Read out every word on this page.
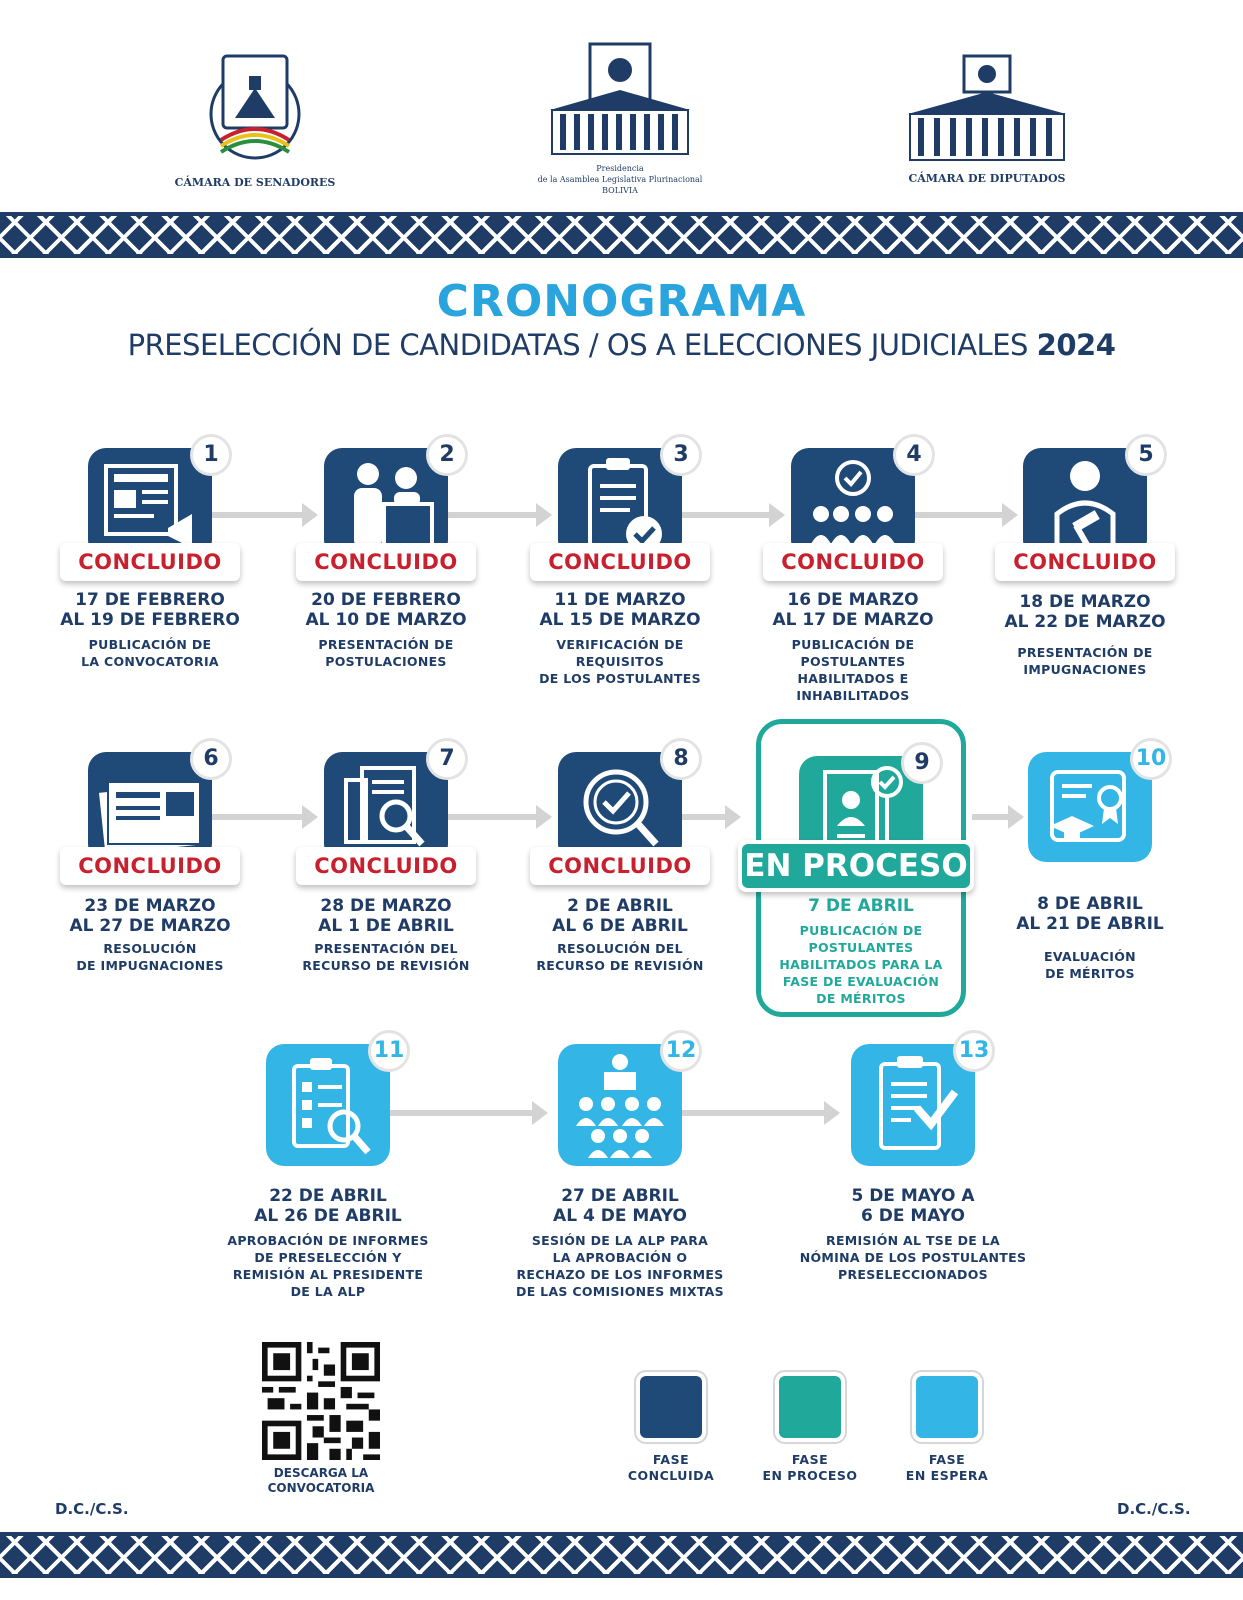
CÁMARA DE SENADORES
Presidencia
de la Asamblea Legislativa Plurinacional
BOLIVIA
CÁMARA DE DIPUTADOS
CRONOGRAMA
PRESELECCIÓN DE CANDIDATAS / OS A ELECCIONES JUDICIALES 2024
1
CONCLUIDO
17 DE FEBRERO
AL 19 DE FEBRERO
PUBLICACIÓN DE
LA CONVOCATORIA
2
CONCLUIDO
20 DE FEBRERO
AL 10 DE MARZO
PRESENTACIÓN DE
POSTULACIONES
3
CONCLUIDO
11 DE MARZO
AL 15 DE MARZO
VERIFICACIÓN DE
REQUISITOS
DE LOS POSTULANTES
4
CONCLUIDO
16 DE MARZO
AL 17 DE MARZO
PUBLICACIÓN DE
POSTULANTES
HABILITADOS E
INHABILITADOS
5
CONCLUIDO
18 DE MARZO
AL 22 DE MARZO
PRESENTACIÓN DE
IMPUGNACIONES
6
CONCLUIDO
23 DE MARZO
AL 27 DE MARZO
RESOLUCIÓN
DE IMPUGNACIONES
7
CONCLUIDO
28 DE MARZO
AL 1 DE ABRIL
PRESENTACIÓN DEL
RECURSO DE REVISIÓN
8
CONCLUIDO
2 DE ABRIL
AL 6 DE ABRIL
RESOLUCIÓN DEL
RECURSO DE REVISIÓN
9
7 DE ABRIL
PUBLICACIÓN DE
POSTULANTES
HABILITADOS PARA LA
FASE DE EVALUACIÓN
DE MÉRITOS
EN PROCESO
10
8 DE ABRIL
AL 21 DE ABRIL
EVALUACIÓN
DE MÉRITOS
11
22 DE ABRIL
AL 26 DE ABRIL
APROBACIÓN DE INFORMES
DE PRESELECCIÓN Y
REMISIÓN AL PRESIDENTE
DE LA ALP
12
27 DE ABRIL
AL 4 DE MAYO
SESIÓN DE LA ALP PARA
LA APROBACIÓN O
RECHAZO DE LOS INFORMES
DE LAS COMISIONES MIXTAS
13
5 DE MAYO A
6 DE MAYO
REMISIÓN AL TSE DE LA
NÓMINA DE LOS POSTULANTES
PRESELECCIONADOS
DESCARGA LA
CONVOCATORIA
FASE
CONCLUIDA
FASE
EN PROCESO
FASE
EN ESPERA
D.C./C.S.	D.C./C.S.
